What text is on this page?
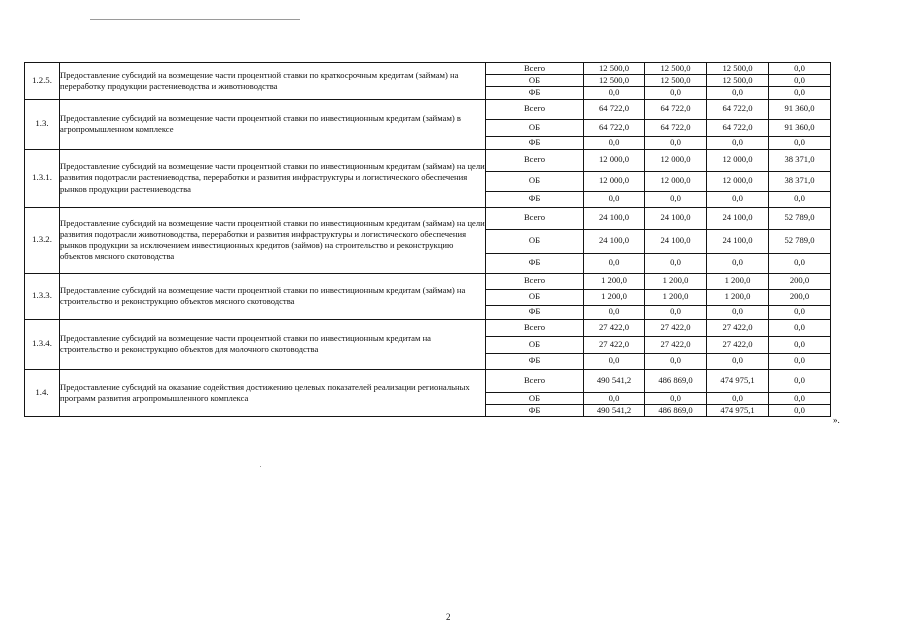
1.2.5.	Предоставление субсидий на возмещение части процентной ставки по краткосрочным кредитам (займам) на переработку продукции растениеводства и животноводства	Всего	12 500,0	12 500,0	12 500,0	0,0
		ОБ	12 500,0	12 500,0	12 500,0	0,0
		ФБ	0,0	0,0	0,0	0,0
1.3.	Предоставление субсидий на возмещение части процентной ставки по инвестиционным кредитам (займам) в агропромышленном комплексе	Всего	64 722,0	64 722,0	64 722,0	91 360,0
		ОБ	64 722,0	64 722,0	64 722,0	91 360,0
		ФБ	0,0	0,0	0,0	0,0
1.3.1.	Предоставление субсидий на возмещение части процентной ставки по инвестиционным кредитам (займам) на цели развития подотрасли растениеводства, переработки и развития инфраструктуры и логистического обеспечения рынков продукции растениеводства	Всего	12 000,0	12 000,0	12 000,0	38 371,0
		ОБ	12 000,0	12 000,0	12 000,0	38 371,0
		ФБ	0,0	0,0	0,0	0,0
1.3.2.	Предоставление субсидий на возмещение части процентной ставки по инвестиционным кредитам (займам) на цели развития подотрасли животноводства, переработки и развития инфраструктуры и логистического обеспечения рынков продукции за исключением инвестиционных кредитов (займов) на строительство и реконструкцию объектов мясного скотоводства	Всего	24 100,0	24 100,0	24 100,0	52 789,0
		ОБ	24 100,0	24 100,0	24 100,0	52 789,0
		ФБ	0,0	0,0	0,0	0,0
1.3.3.	Предоставление субсидий на возмещение части процентной ставки по инвестиционным кредитам (займам) на строительство и реконструкцию объектов мясного скотоводства	Всего	1 200,0	1 200,0	1 200,0	200,0
		ОБ	1 200,0	1 200,0	1 200,0	200,0
		ФБ	0,0	0,0	0,0	0,0
1.3.4.	Предоставление субсидий на возмещение части процентной ставки по инвестиционным кредитам на строительство и реконструкцию объектов для молочного скотоводства	Всего	27 422,0	27 422,0	27 422,0	0,0
		ОБ	27 422,0	27 422,0	27 422,0	0,0
		ФБ	0,0	0,0	0,0	0,0
1.4.	Предоставление субсидий на оказание содействия достижению целевых показателей реализации региональных программ развития агропромышленного комплекса	Всего	490 541,2	486 869,0	474 975,1	0,0
		ОБ	0,0	0,0	0,0	0,0
		ФБ	490 541,2	486 869,0	474 975,1	0,0
».
2
